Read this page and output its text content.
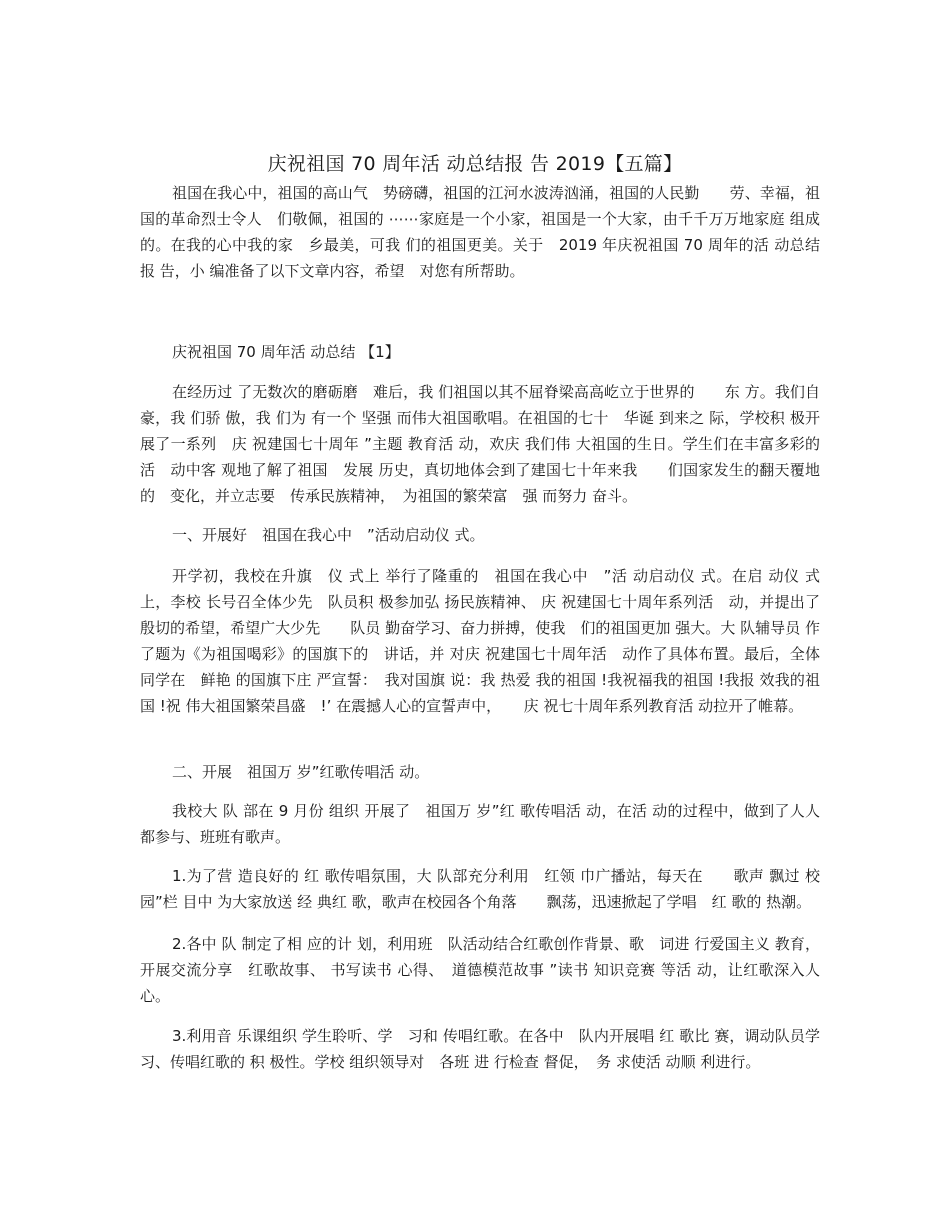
庆祝祖国 70 周年活 动总结报 告 2019【五篇】
祖国在我心中，祖国的高山气　势磅礴，祖国的江河水波涛汹涌，祖国的人民勤　　劳、幸福，祖国的革命烈士令人　们敬佩，祖国的 ⋯⋯家庭是一个小家，祖国是一个大家，由千千万万地家庭 组成的。在我的心中我的家　乡最美，可我 们的祖国更美。关于　2019 年庆祝祖国 70 周年的活 动总结报 告，小 编准备了以下文章内容，希望　对您有所帮助。
庆祝祖国 70 周年活 动总结 【1】
在经历过 了无数次的磨砺磨　难后，我 们祖国以其不屈脊梁高高屹立于世界的　　东 方。我们自豪，我 们骄 傲，我 们为 有一个 坚强 而伟大祖国歌唱。在祖国的七十　华诞 到来之 际，学校积 极开展了一系列　庆 祝建国七十周年 ”主题 教育活 动，欢庆 我们伟 大祖国的生日。学生们在丰富多彩的活　动中客 观地了解了祖国　发展 历史，真切地体会到了建国七十年来我　　们国家发生的翻天覆地的　变化，并立志要　传承民族精神，　为祖国的繁荣富　强 而努力 奋斗。
一、开展好　祖国在我心中　”活动启动仪 式。
开学初，我校在升旗　仪 式上 举行了隆重的　祖国在我心中　”活 动启动仪 式。在启 动仪 式上，李校 长号召全体少先　队员积 极参加弘 扬民族精神、 庆 祝建国七十周年系列活　动，并提出了殷切的希望，希望广大少先　　队员 勤奋学习、奋力拼搏，使我　们的祖国更加 强大。大 队辅导员 作了题为《为祖国喝彩》的国旗下的　讲话，并 对庆 祝建国七十周年活　动作了具体布置。最后，全体同学在　鲜艳 的国旗下庄 严宣誓：　我对国旗 说：我 热爱 我的祖国 !我祝福我的祖国 !我报 效我的祖国 !祝 伟大祖国繁荣昌盛　!’ 在震撼人心的宣誓声中，　　庆 祝七十周年系列教育活 动拉开了帷幕。
二、开展　祖国万 岁”红歌传唱活 动。
我校大 队 部在 9 月份 组织 开展了　祖国万 岁”红 歌传唱活 动，在活 动的过程中，做到了人人都参与、班班有歌声。
1.为了营 造良好的 红 歌传唱氛围，大 队部充分利用　红领 巾广播站，每天在　　歌声 飘过 校园”栏 目中 为大家放送 经 典红 歌，歌声在校园各个角落　　飘荡，迅速掀起了学唱　红 歌的 热潮。
2.各中 队 制定了相 应的计 划，利用班　队活动结合红歌创作背景、歌　词进 行爱国主义 教育，开展交流分享　红歌故事、 书写读书 心得、　道德模范故事 ”读书 知识竞赛 等活 动，让红歌深入人心。
3.利用音 乐课组织 学生聆听、学　习和 传唱红歌。在各中　队内开展唱 红 歌比 赛，调动队员学习、传唱红歌的 积 极性。学校 组织领导对　各班 进 行检查 督促，　务 求使活 动顺 利进行。
